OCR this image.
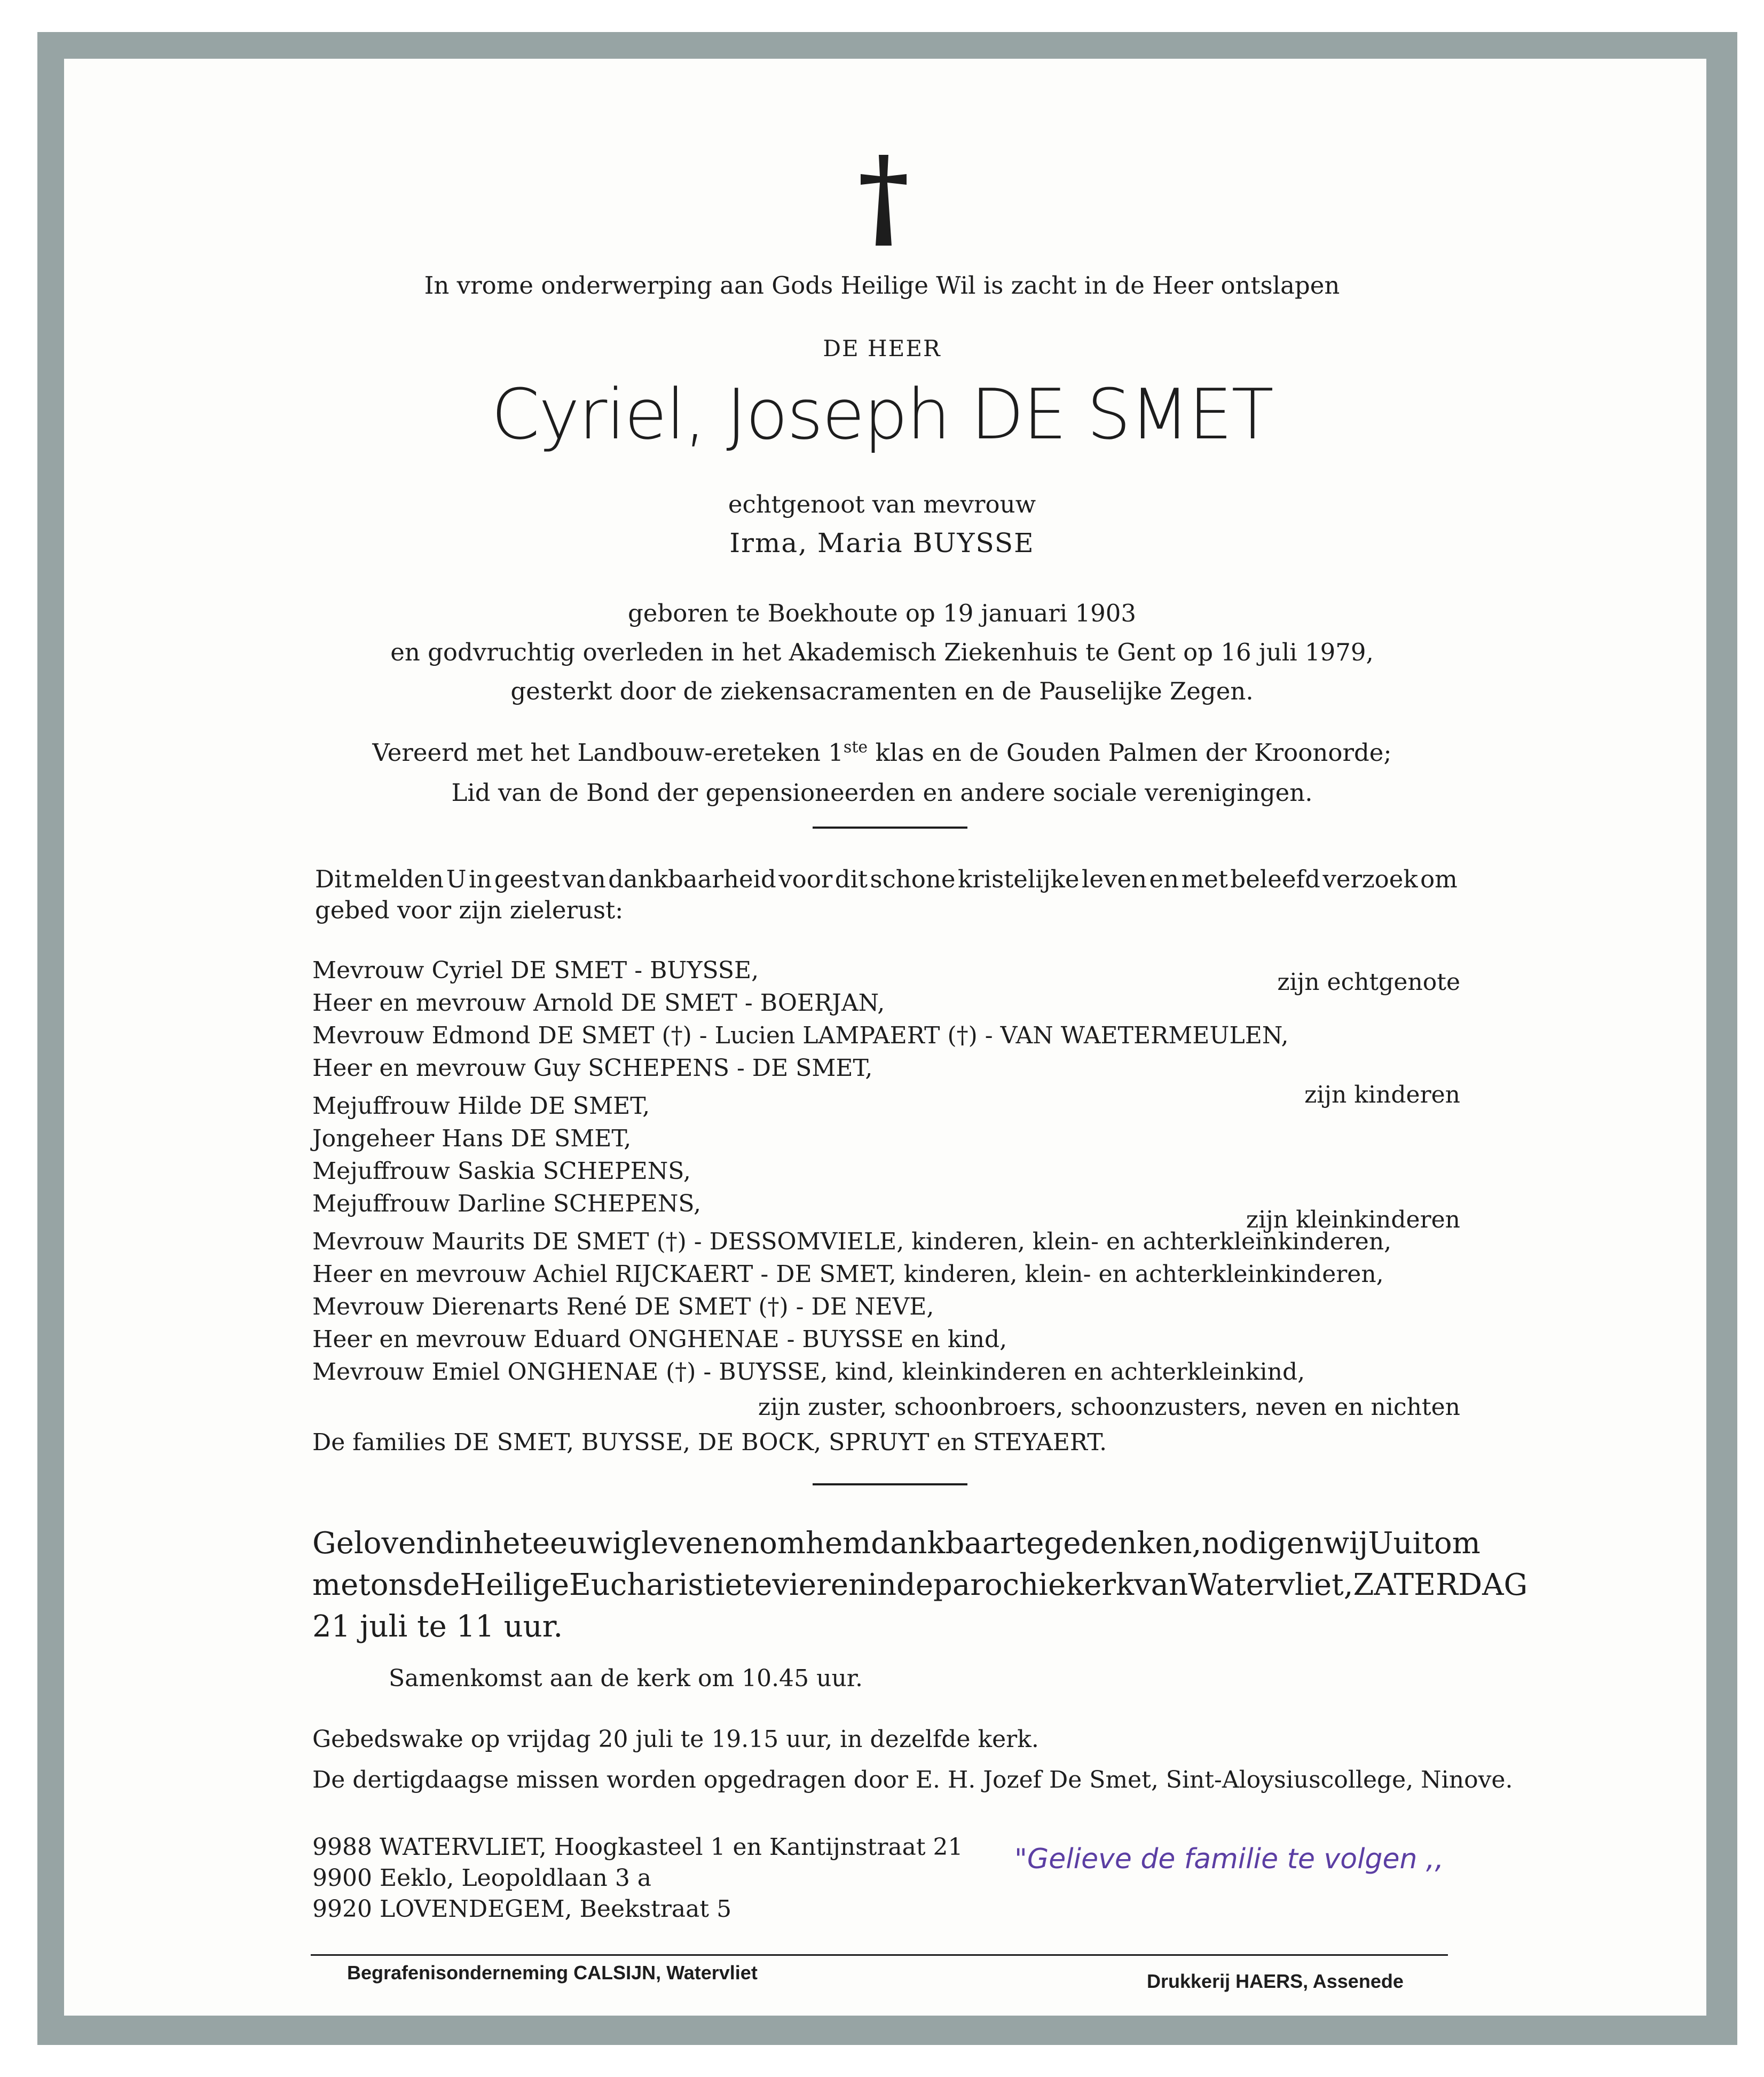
In vrome onderwerping aan Gods Heilige Wil is zacht in de Heer ontslapen
DE HEER
Cyriel, Joseph DE SMET
echtgenoot van mevrouw
Irma, Maria BUYSSE
geboren te Boekhoute op 19 januari 1903
en godvruchtig overleden in het Akademisch Ziekenhuis te Gent op 16 juli 1979,
gesterkt door de ziekensacramenten en de Pauselijke Zegen.
Vereerd met het Landbouw-ereteken 1ste klas en de Gouden Palmen der Kroonorde;
Lid van de Bond der gepensioneerden en andere sociale verenigingen.
Dit melden U in geest van dankbaarheid voor dit schone kristelijke leven en met beleefd verzoek om
gebed voor zijn zielerust:
Mevrouw Cyriel DE SMET - BUYSSE,	zijn echtgenote
Heer en mevrouw Arnold DE SMET - BOERJAN,
Mevrouw Edmond DE SMET (†) - Lucien LAMPAERT (†) - VAN WAETERMEULEN,
Heer en mevrouw Guy SCHEPENS - DE SMET,
zijn kinderen
Mejuffrouw Hilde DE SMET,
Jongeheer Hans DE SMET,
Mejuffrouw Saskia SCHEPENS,
Mejuffrouw Darline SCHEPENS,
zijn kleinkinderen
Mevrouw Maurits DE SMET (†) - DESSOMVIELE, kinderen, klein- en achterkleinkinderen,
Heer en mevrouw Achiel RIJCKAERT - DE SMET, kinderen, klein- en achterkleinkinderen,
Mevrouw Dierenarts René DE SMET (†) - DE NEVE,
Heer en mevrouw Eduard ONGHENAE - BUYSSE en kind,
Mevrouw Emiel ONGHENAE (†) - BUYSSE, kind, kleinkinderen en achterkleinkind,
zijn zuster, schoonbroers, schoonzusters, neven en nichten
De families DE SMET, BUYSSE, DE BOCK, SPRUYT en STEYAERT.
Gelovend in het eeuwig leven en om hem dankbaar te gedenken, nodigen wij U uit om
met ons de Heilige Eucharistie te vieren in de parochiekerk van Watervliet, ZATERDAG
21 juli te 11 uur.
Samenkomst aan de kerk om 10.45 uur.
Gebedswake op vrijdag 20 juli te 19.15 uur, in dezelfde kerk.
De dertigdaagse missen worden opgedragen door E. H. Jozef De Smet, Sint-Aloysiuscollege, Ninove.
9988 WATERVLIET, Hoogkasteel 1 en Kantijnstraat 21
9900 Eeklo, Leopoldlaan 3 a
9920 LOVENDEGEM, Beekstraat 5
"Gelieve de familie te volgen ,,
Begrafenisonderneming CALSIJN, Watervliet	Drukkerij HAERS, Assenede
